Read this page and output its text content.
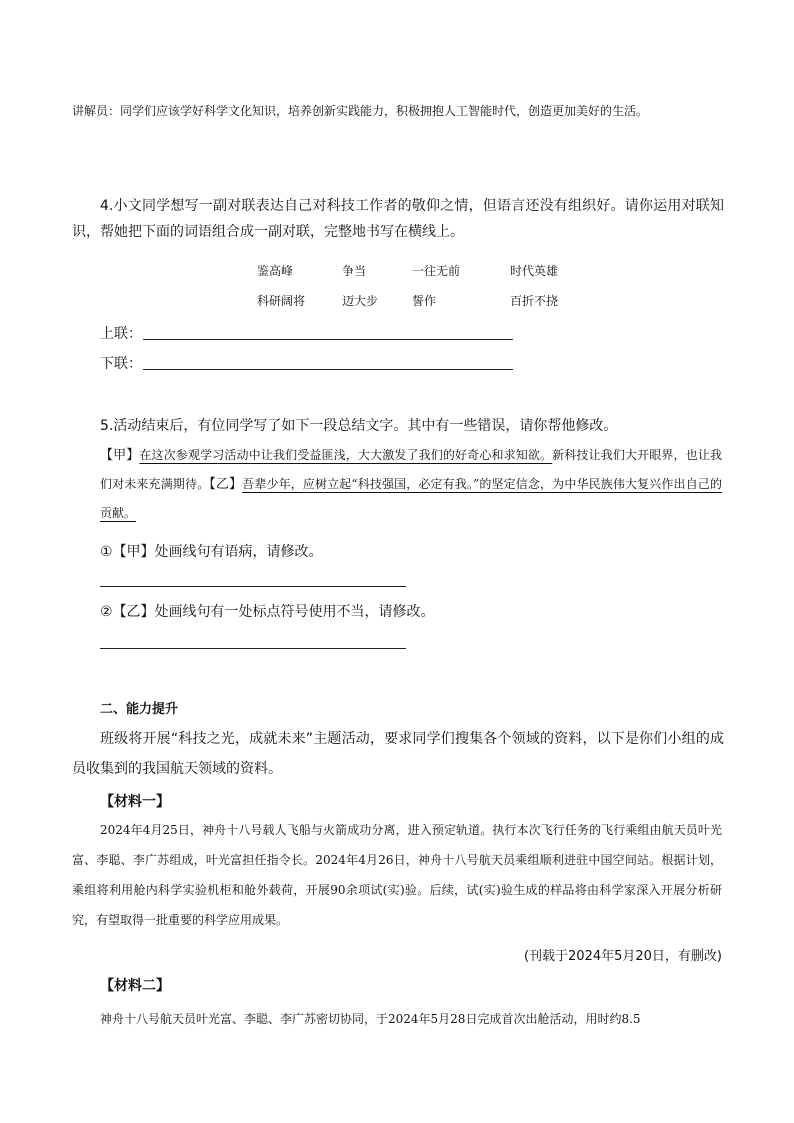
讲解员：同学们应该学好科学文化知识，培养创新实践能力，积极拥抱人工智能时代，创造更加美好的生活。
4.小文同学想写一副对联表达自己对科技工作者的敬仰之情，但语言还没有组织好。请你运用对联知识，帮她把下面的词语组合成一副对联，完整地书写在横线上。
鉴高峰	争当	一往无前	时代英雄
科研阔将	迈大步	誓作	百折不挠
上联：
下联：
5.活动结束后，有位同学写了如下一段总结文字。其中有一些错误，请你帮他修改。
【甲】在这次参观学习活动中让我们受益匪浅，大大激发了我们的好奇心和求知欲。新科技让我们大开眼界，也让我们对未来充满期待。【乙】吾辈少年，应树立起“科技强国，必定有我。”的坚定信念，为中华民族伟大复兴作出自己的贡献。
①【甲】处画线句有语病，请修改。
②【乙】处画线句有一处标点符号使用不当，请修改。
二、能力提升
班级将开展“科技之光，成就未来”主题活动，要求同学们搜集各个领域的资料，以下是你们小组的成员收集到的我国航天领域的资料。
【材料一】
2024年4月25日，神舟十八号载人飞船与火箭成功分离，进入预定轨道。执行本次飞行任务的飞行乘组由航天员叶光富、李聪、李广苏组成，叶光富担任指令长。2024年4月26日，神舟十八号航天员乘组顺利进驻中国空间站。根据计划，乘组将利用舱内科学实验机柜和舱外载荷，开展90余项试(实)验。后续，试(实)验生成的样品将由科学家深入开展分析研究，有望取得一批重要的科学应用成果。
(刊载于2024年5月20日，有删改)
【材料二】
神舟十八号航天员叶光富、李聪、李广苏密切协同，于2024年5月28日完成首次出舱活动，用时约8.5
